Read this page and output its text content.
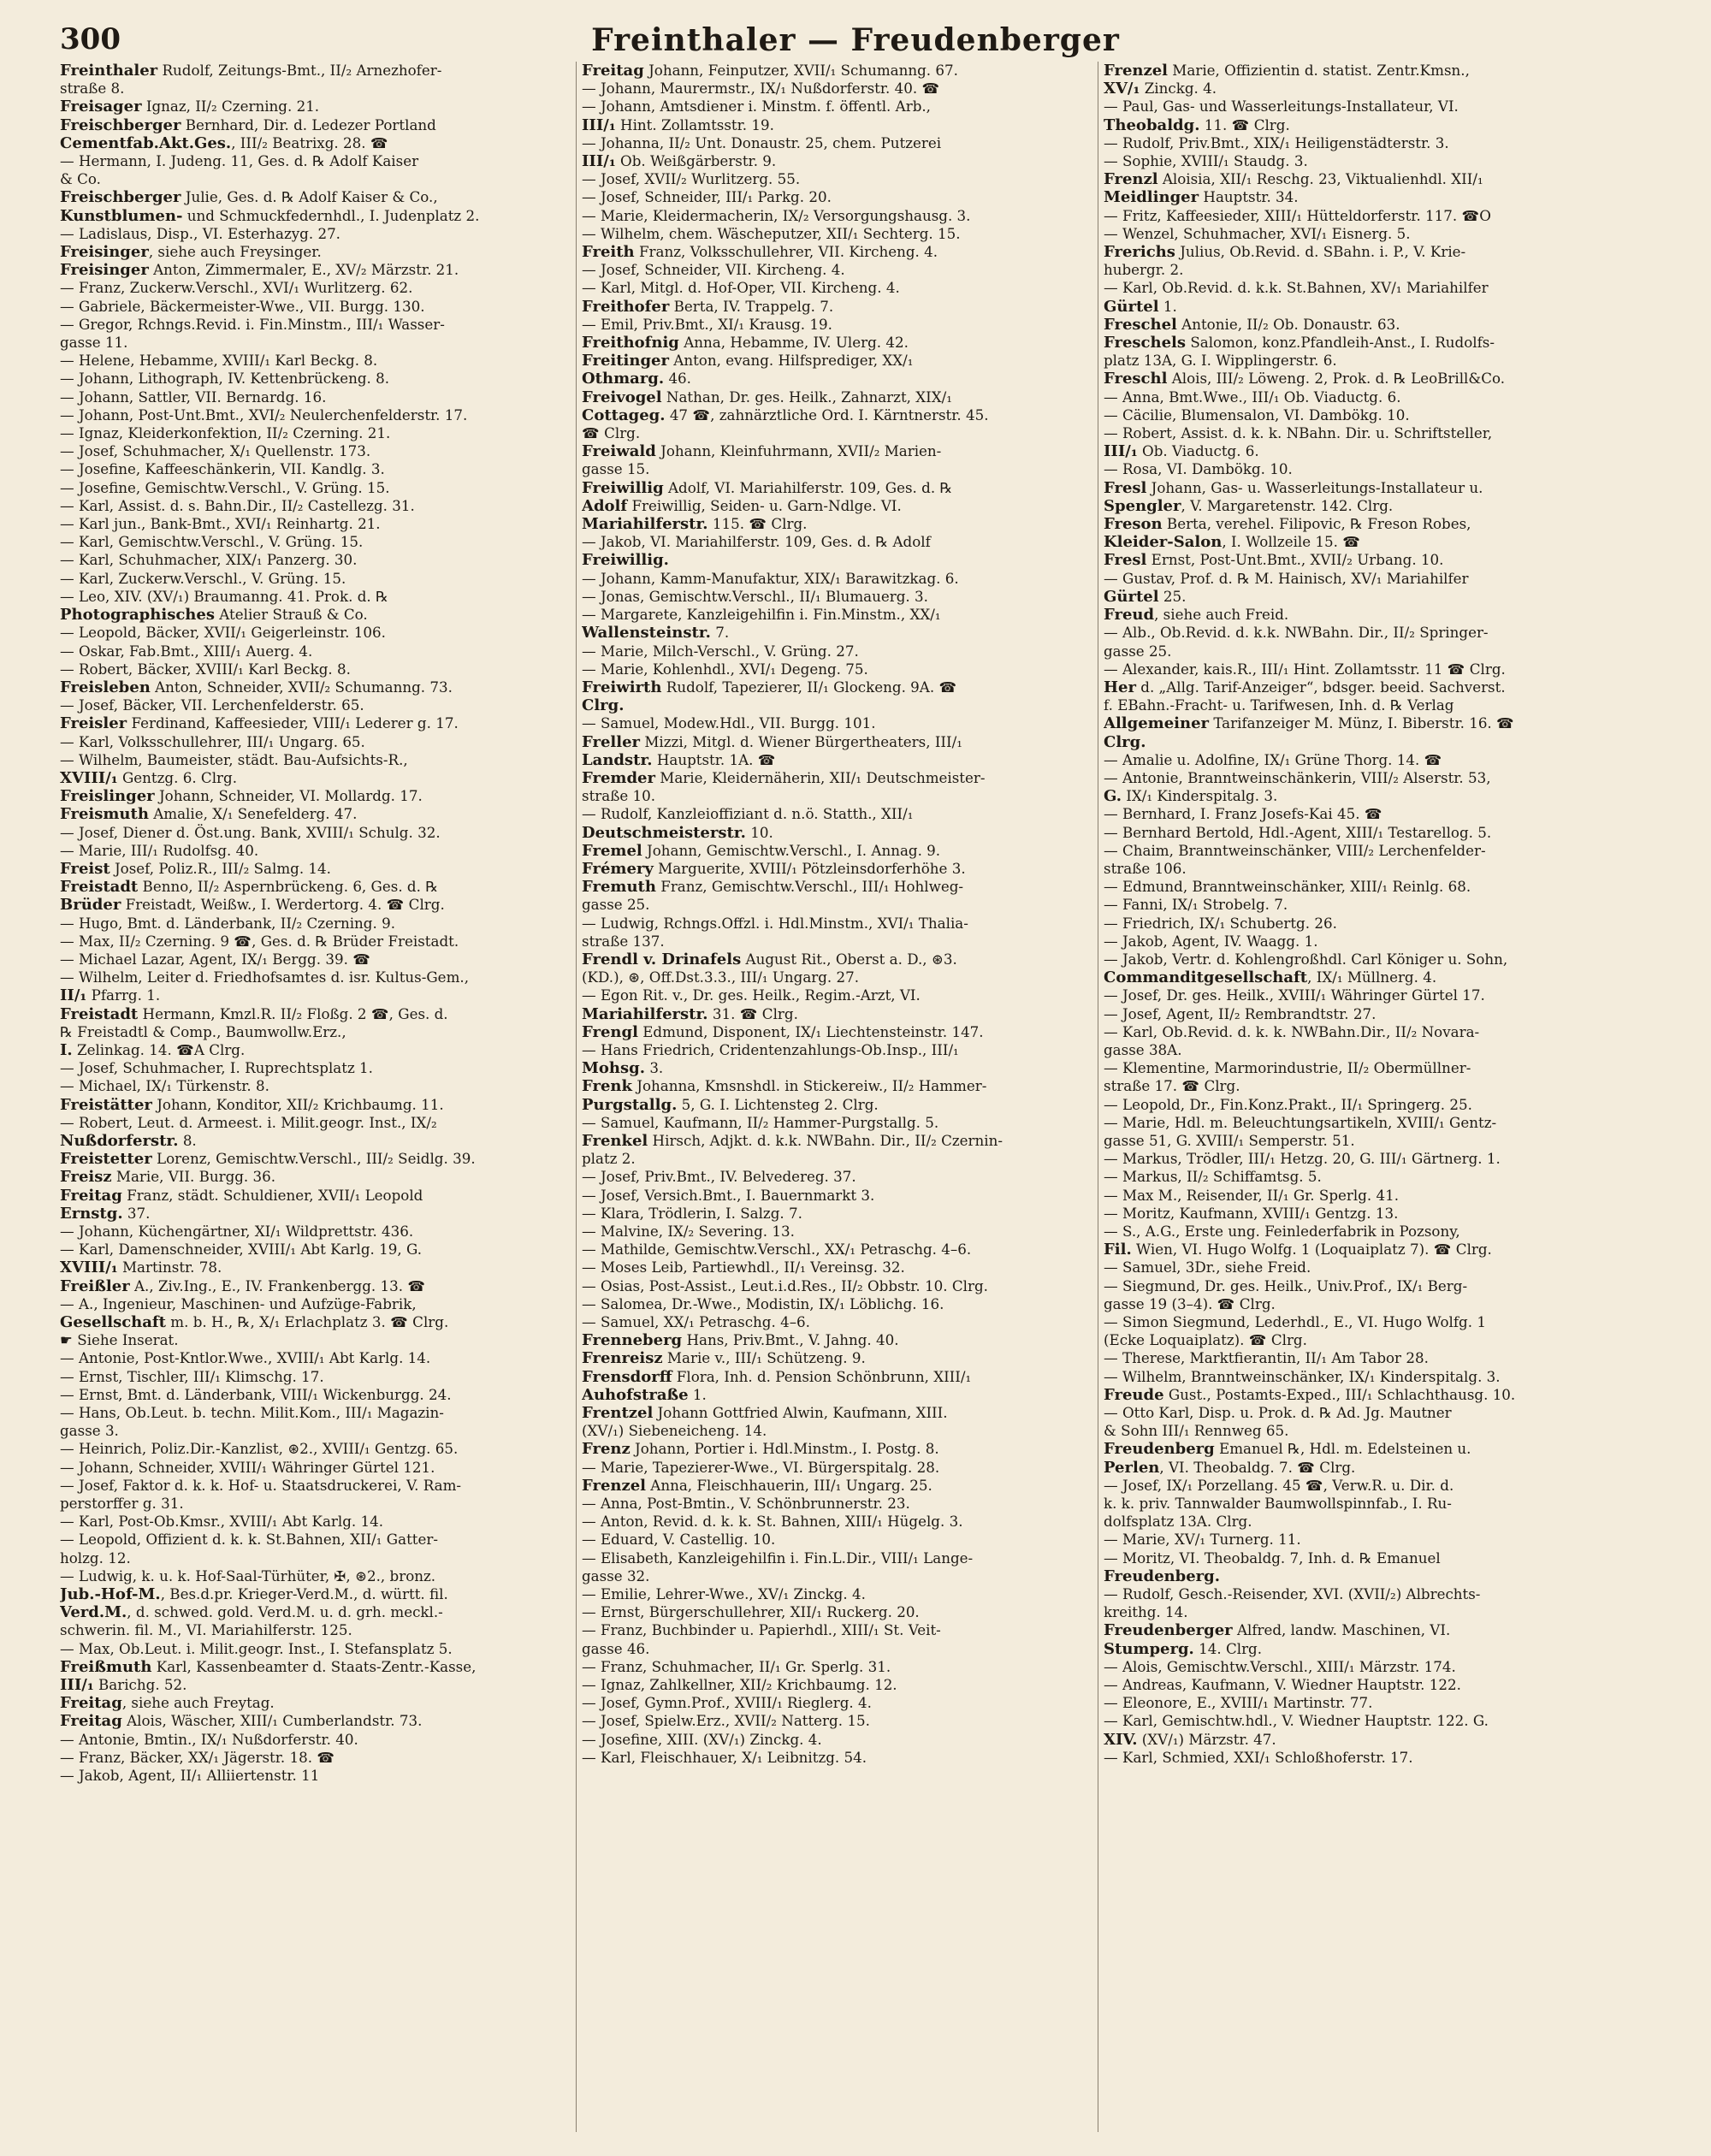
300	Freinthaler — Freudenberger
Freinthaler Rudolf, Zeitungs-Bmt., II/₂ Arnezhofer-
straße 8.
Freisager Ignaz, II/₂ Czerning. 21.
Freischberger Bernhard, Dir. d. Ledezer Portland
Cementfab.Akt.Ges., III/₂ Beatrixg. 28. ☎
— Hermann, I. Judeng. 11, Ges. d. ℞ Adolf Kaiser
& Co.
Freischberger Julie, Ges. d. ℞ Adolf Kaiser & Co.,
Kunstblumen- und Schmuckfedernhdl., I. Judenplatz 2.
— Ladislaus, Disp., VI. Esterhazyg. 27.
Freisinger, siehe auch Freysinger.
Freisinger Anton, Zimmermaler, E., XV/₂ Märzstr. 21.
— Franz, Zuckerw.Verschl., XVI/₁ Wurlitzerg. 62.
— Gabriele, Bäckermeister-Wwe., VII. Burgg. 130.
— Gregor, Rchngs.Revid. i. Fin.Minstm., III/₁ Wasser-
gasse 11.
— Helene, Hebamme, XVIII/₁ Karl Beckg. 8.
— Johann, Lithograph, IV. Kettenbrückeng. 8.
— Johann, Sattler, VII. Bernardg. 16.
— Johann, Post-Unt.Bmt., XVI/₂ Neulerchenfelderstr. 17.
— Ignaz, Kleiderkonfektion, II/₂ Czerning. 21.
— Josef, Schuhmacher, X/₁ Quellenstr. 173.
— Josefine, Kaffeeschänkerin, VII. Kandlg. 3.
— Josefine, Gemischtw.Verschl., V. Grüng. 15.
— Karl, Assist. d. s. Bahn.Dir., II/₂ Castellezg. 31.
— Karl jun., Bank-Bmt., XVI/₁ Reinhartg. 21.
— Karl, Gemischtw.Verschl., V. Grüng. 15.
— Karl, Schuhmacher, XIX/₁ Panzerg. 30.
— Karl, Zuckerw.Verschl., V. Grüng. 15.
— Leo, XIV. (XV/₁) Braumanng. 41. Prok. d. ℞
Photographisches Atelier Strauß & Co.
— Leopold, Bäcker, XVII/₁ Geigerleinstr. 106.
— Oskar, Fab.Bmt., XIII/₁ Auerg. 4.
— Robert, Bäcker, XVIII/₁ Karl Beckg. 8.
Freisleben Anton, Schneider, XVII/₂ Schumanng. 73.
— Josef, Bäcker, VII. Lerchenfelderstr. 65.
Freisler Ferdinand, Kaffeesieder, VIII/₁ Lederer g. 17.
— Karl, Volksschullehrer, III/₁ Ungarg. 65.
— Wilhelm, Baumeister, städt. Bau-Aufsichts-R.,
XVIII/₁ Gentzg. 6. Clrg.
Freislinger Johann, Schneider, VI. Mollardg. 17.
Freismuth Amalie, X/₁ Senefelderg. 47.
— Josef, Diener d. Öst.ung. Bank, XVIII/₁ Schulg. 32.
— Marie, III/₁ Rudolfsg. 40.
Freist Josef, Poliz.R., III/₂ Salmg. 14.
Freistadt Benno, II/₂ Aspernbrückeng. 6, Ges. d. ℞
Brüder Freistadt, Weißw., I. Werdertorg. 4. ☎ Clrg.
— Hugo, Bmt. d. Länderbank, II/₂ Czerning. 9.
— Max, II/₂ Czerning. 9 ☎, Ges. d. ℞ Brüder Freistadt.
— Michael Lazar, Agent, IX/₁ Bergg. 39. ☎
— Wilhelm, Leiter d. Friedhofsamtes d. isr. Kultus-Gem.,
II/₁ Pfarrg. 1.
Freistadt Hermann, Kmzl.R. II/₂ Floßg. 2 ☎, Ges. d.
℞ Freistadtl & Comp., Baumwollw.Erz.,
I. Zelinkag. 14. ☎A Clrg.
— Josef, Schuhmacher, I. Ruprechtsplatz 1.
— Michael, IX/₁ Türkenstr. 8.
Freistätter Johann, Konditor, XII/₂ Krichbaumg. 11.
— Robert, Leut. d. Armeest. i. Milit.geogr. Inst., IX/₂
Nußdorferstr. 8.
Freistetter Lorenz, Gemischtw.Verschl., III/₂ Seidlg. 39.
Freisz Marie, VII. Burgg. 36.
Freitag Franz, städt. Schuldiener, XVII/₁ Leopold
Ernstg. 37.
— Johann, Küchengärtner, XI/₁ Wildprettstr. 436.
— Karl, Damenschneider, XVIII/₁ Abt Karlg. 19, G.
XVIII/₁ Martinstr. 78.
Freißler A., Ziv.Ing., E., IV. Frankenbergg. 13. ☎
— A., Ingenieur, Maschinen- und Aufzüge-Fabrik,
Gesellschaft m. b. H., ℞, X/₁ Erlachplatz 3. ☎ Clrg.
☛ Siehe Inserat.
— Antonie, Post-Kntlor.Wwe., XVIII/₁ Abt Karlg. 14.
— Ernst, Tischler, III/₁ Klimschg. 17.
— Ernst, Bmt. d. Länderbank, VIII/₁ Wickenburgg. 24.
— Hans, Ob.Leut. b. techn. Milit.Kom., III/₁ Magazin-
gasse 3.
— Heinrich, Poliz.Dir.-Kanzlist, ⊛2., XVIII/₁ Gentzg. 65.
— Johann, Schneider, XVIII/₁ Währinger Gürtel 121.
— Josef, Faktor d. k. k. Hof- u. Staatsdruckerei, V. Ram-
perstorffer g. 31.
— Karl, Post-Ob.Kmsr., XVIII/₁ Abt Karlg. 14.
— Leopold, Offizient d. k. k. St.Bahnen, XII/₁ Gatter-
holzg. 12.
— Ludwig, k. u. k. Hof-Saal-Türhüter, ✠, ⊛2., bronz.
Jub.-Hof-M., Bes.d.pr. Krieger-Verd.M., d. württ. fil.
Verd.M., d. schwed. gold. Verd.M. u. d. grh. meckl.-
schwerin. fil. M., VI. Mariahilferstr. 125.
— Max, Ob.Leut. i. Milit.geogr. Inst., I. Stefansplatz 5.
Freißmuth Karl, Kassenbeamter d. Staats-Zentr.-Kasse,
III/₁ Barichg. 52.
Freitag, siehe auch Freytag.
Freitag Alois, Wäscher, XIII/₁ Cumberlandstr. 73.
— Antonie, Bmtin., IX/₁ Nußdorferstr. 40.
— Franz, Bäcker, XX/₁ Jägerstr. 18. ☎
— Jakob, Agent, II/₁ Alliiertenstr. 11
Freitag Johann, Feinputzer, XVII/₁ Schumanng. 67.
— Johann, Maurermstr., IX/₁ Nußdorferstr. 40. ☎
— Johann, Amtsdiener i. Minstm. f. öffentl. Arb.,
III/₁ Hint. Zollamtsstr. 19.
— Johanna, II/₂ Unt. Donaustr. 25, chem. Putzerei
III/₁ Ob. Weißgärberstr. 9.
— Josef, XVII/₂ Wurlitzerg. 55.
— Josef, Schneider, III/₁ Parkg. 20.
— Marie, Kleidermacherin, IX/₂ Versorgungshausg. 3.
— Wilhelm, chem. Wäscheputzer, XII/₁ Sechterg. 15.
Freith Franz, Volksschullehrer, VII. Kircheng. 4.
— Josef, Schneider, VII. Kircheng. 4.
— Karl, Mitgl. d. Hof-Oper, VII. Kircheng. 4.
Freithofer Berta, IV. Trappelg. 7.
— Emil, Priv.Bmt., XI/₁ Krausg. 19.
Freithofnig Anna, Hebamme, IV. Ulerg. 42.
Freitinger Anton, evang. Hilfsprediger, XX/₁
Othmarg. 46.
Freivogel Nathan, Dr. ges. Heilk., Zahnarzt, XIX/₁
Cottageg. 47 ☎, zahnärztliche Ord. I. Kärntnerstr. 45.
☎ Clrg.
Freiwald Johann, Kleinfuhrmann, XVII/₂ Marien-
gasse 15.
Freiwillig Adolf, VI. Mariahilferstr. 109, Ges. d. ℞
Adolf Freiwillig, Seiden- u. Garn-Ndlge. VI.
Mariahilferstr. 115. ☎ Clrg.
— Jakob, VI. Mariahilferstr. 109, Ges. d. ℞ Adolf
Freiwillig.
— Johann, Kamm-Manufaktur, XIX/₁ Barawitzkag. 6.
— Jonas, Gemischtw.Verschl., II/₁ Blumauerg. 3.
— Margarete, Kanzleigehilfin i. Fin.Minstm., XX/₁
Wallensteinstr. 7.
— Marie, Milch-Verschl., V. Grüng. 27.
— Marie, Kohlenhdl., XVI/₁ Degeng. 75.
Freiwirth Rudolf, Tapezierer, II/₁ Glockeng. 9A. ☎
Clrg.
— Samuel, Modew.Hdl., VII. Burgg. 101.
Freller Mizzi, Mitgl. d. Wiener Bürgertheaters, III/₁
Landstr. Hauptstr. 1A. ☎
Fremder Marie, Kleidernäherin, XII/₁ Deutschmeister-
straße 10.
— Rudolf, Kanzleioffiziant d. n.ö. Statth., XII/₁
Deutschmeisterstr. 10.
Fremel Johann, Gemischtw.Verschl., I. Annag. 9.
Frémery Marguerite, XVIII/₁ Pötzleinsdorferhöhe 3.
Fremuth Franz, Gemischtw.Verschl., III/₁ Hohlweg-
gasse 25.
— Ludwig, Rchngs.Offzl. i. Hdl.Minstm., XVI/₁ Thalia-
straße 137.
Frendl v. Drinafels August Rit., Oberst a. D., ⊛3.
(KD.), ⊛, Off.Dst.3.3., III/₁ Ungarg. 27.
— Egon Rit. v., Dr. ges. Heilk., Regim.-Arzt, VI.
Mariahilferstr. 31. ☎ Clrg.
Frengl Edmund, Disponent, IX/₁ Liechtensteinstr. 147.
— Hans Friedrich, Cridentenzahlungs-Ob.Insp., III/₁
Mohsg. 3.
Frenk Johanna, Kmsnshdl. in Stickereiw., II/₂ Hammer-
Purgstallg. 5, G. I. Lichtensteg 2. Clrg.
— Samuel, Kaufmann, II/₂ Hammer-Purgstallg. 5.
Frenkel Hirsch, Adjkt. d. k.k. NWBahn. Dir., II/₂ Czernin-
platz 2.
— Josef, Priv.Bmt., IV. Belvedereg. 37.
— Josef, Versich.Bmt., I. Bauernmarkt 3.
— Klara, Trödlerin, I. Salzg. 7.
— Malvine, IX/₂ Severing. 13.
— Mathilde, Gemischtw.Verschl., XX/₁ Petraschg. 4–6.
— Moses Leib, Partiewhdl., II/₁ Vereinsg. 32.
— Osias, Post-Assist., Leut.i.d.Res., II/₂ Obbstr. 10. Clrg.
— Salomea, Dr.-Wwe., Modistin, IX/₁ Löblichg. 16.
— Samuel, XX/₁ Petraschg. 4–6.
Frenneberg Hans, Priv.Bmt., V. Jahng. 40.
Frenreisz Marie v., III/₁ Schützeng. 9.
Frensdorff Flora, Inh. d. Pension Schönbrunn, XIII/₁
Auhofstraße 1.
Frentzel Johann Gottfried Alwin, Kaufmann, XIII.
(XV/₁) Siebeneicheng. 14.
Frenz Johann, Portier i. Hdl.Minstm., I. Postg. 8.
— Marie, Tapezierer-Wwe., VI. Bürgerspitalg. 28.
Frenzel Anna, Fleischhauerin, III/₁ Ungarg. 25.
— Anna, Post-Bmtin., V. Schönbrunnerstr. 23.
— Anton, Revid. d. k. k. St. Bahnen, XIII/₁ Hügelg. 3.
— Eduard, V. Castellig. 10.
— Elisabeth, Kanzleigehilfin i. Fin.L.Dir., VIII/₁ Lange-
gasse 32.
— Emilie, Lehrer-Wwe., XV/₁ Zinckg. 4.
— Ernst, Bürgerschullehrer, XII/₁ Ruckerg. 20.
— Franz, Buchbinder u. Papierhdl., XIII/₁ St. Veit-
gasse 46.
— Franz, Schuhmacher, II/₁ Gr. Sperlg. 31.
— Ignaz, Zahlkellner, XII/₂ Krichbaumg. 12.
— Josef, Gymn.Prof., XVIII/₁ Rieglerg. 4.
— Josef, Spielw.Erz., XVII/₂ Natterg. 15.
— Josefine, XIII. (XV/₁) Zinckg. 4.
— Karl, Fleischhauer, X/₁ Leibnitzg. 54.
Frenzel Marie, Offizientin d. statist. Zentr.Kmsn.,
XV/₁ Zinckg. 4.
— Paul, Gas- und Wasserleitungs-Installateur, VI.
Theobaldg. 11. ☎ Clrg.
— Rudolf, Priv.Bmt., XIX/₁ Heiligenstädterstr. 3.
— Sophie, XVIII/₁ Staudg. 3.
Frenzl Aloisia, XII/₁ Reschg. 23, Viktualienhdl. XII/₁
Meidlinger Hauptstr. 34.
— Fritz, Kaffeesieder, XIII/₁ Hütteldorferstr. 117. ☎O
— Wenzel, Schuhmacher, XVI/₁ Eisnerg. 5.
Frerichs Julius, Ob.Revid. d. SBahn. i. P., V. Krie-
hubergr. 2.
— Karl, Ob.Revid. d. k.k. St.Bahnen, XV/₁ Mariahilfer
Gürtel 1.
Freschel Antonie, II/₂ Ob. Donaustr. 63.
Freschels Salomon, konz.Pfandleih-Anst., I. Rudolfs-
platz 13A, G. I. Wipplingerstr. 6.
Freschl Alois, III/₂ Löweng. 2, Prok. d. ℞ LeoBrill&Co.
— Anna, Bmt.Wwe., III/₁ Ob. Viaductg. 6.
— Cäcilie, Blumensalon, VI. Dambökg. 10.
— Robert, Assist. d. k. k. NBahn. Dir. u. Schriftsteller,
III/₁ Ob. Viaductg. 6.
— Rosa, VI. Dambökg. 10.
Fresl Johann, Gas- u. Wasserleitungs-Installateur u.
Spengler, V. Margaretenstr. 142. Clrg.
Freson Berta, verehel. Filipovic, ℞ Freson Robes,
Kleider-Salon, I. Wollzeile 15. ☎
Fresl Ernst, Post-Unt.Bmt., XVII/₂ Urbang. 10.
— Gustav, Prof. d. ℞ M. Hainisch, XV/₁ Mariahilfer
Gürtel 25.
Freud, siehe auch Freid.
— Alb., Ob.Revid. d. k.k. NWBahn. Dir., II/₂ Springer-
gasse 25.
— Alexander, kais.R., III/₁ Hint. Zollamtsstr. 11 ☎ Clrg.
Her d. „Allg. Tarif-Anzeiger“, bdsger. beeid. Sachverst.
f. EBahn.-Fracht- u. Tarifwesen, Inh. d. ℞ Verlag
Allgemeiner Tarifanzeiger M. Münz, I. Biberstr. 16. ☎
Clrg.
— Amalie u. Adolfine, IX/₁ Grüne Thorg. 14. ☎
— Antonie, Branntweinschänkerin, VIII/₂ Alserstr. 53,
G. IX/₁ Kinderspitalg. 3.
— Bernhard, I. Franz Josefs-Kai 45. ☎
— Bernhard Bertold, Hdl.-Agent, XIII/₁ Testarellog. 5.
— Chaim, Branntweinschänker, VIII/₂ Lerchenfelder-
straße 106.
— Edmund, Branntweinschänker, XIII/₁ Reinlg. 68.
— Fanni, IX/₁ Strobelg. 7.
— Friedrich, IX/₁ Schubertg. 26.
— Jakob, Agent, IV. Waagg. 1.
— Jakob, Vertr. d. Kohlengroßhdl. Carl Königer u. Sohn,
Commanditgesellschaft, IX/₁ Müllnerg. 4.
— Josef, Dr. ges. Heilk., XVIII/₁ Währinger Gürtel 17.
— Josef, Agent, II/₂ Rembrandtstr. 27.
— Karl, Ob.Revid. d. k. k. NWBahn.Dir., II/₂ Novara-
gasse 38A.
— Klementine, Marmorindustrie, II/₂ Obermüllner-
straße 17. ☎ Clrg.
— Leopold, Dr., Fin.Konz.Prakt., II/₁ Springerg. 25.
— Marie, Hdl. m. Beleuchtungsartikeln, XVIII/₁ Gentz-
gasse 51, G. XVIII/₁ Semperstr. 51.
— Markus, Trödler, III/₁ Hetzg. 20, G. III/₁ Gärtnerg. 1.
— Markus, II/₂ Schiffamtsg. 5.
— Max M., Reisender, II/₁ Gr. Sperlg. 41.
— Moritz, Kaufmann, XVIII/₁ Gentzg. 13.
— S., A.G., Erste ung. Feinlederfabrik in Pozsony,
Fil. Wien, VI. Hugo Wolfg. 1 (Loquaiplatz 7). ☎ Clrg.
— Samuel, 3Dr., siehe Freid.
— Siegmund, Dr. ges. Heilk., Univ.Prof., IX/₁ Berg-
gasse 19 (3–4). ☎ Clrg.
— Simon Siegmund, Lederhdl., E., VI. Hugo Wolfg. 1
(Ecke Loquaiplatz). ☎ Clrg.
— Therese, Marktfierantin, II/₁ Am Tabor 28.
— Wilhelm, Branntweinschänker, IX/₁ Kinderspitalg. 3.
Freude Gust., Postamts-Exped., III/₁ Schlachthausg. 10.
— Otto Karl, Disp. u. Prok. d. ℞ Ad. Jg. Mautner
& Sohn III/₁ Rennweg 65.
Freudenberg Emanuel ℞, Hdl. m. Edelsteinen u.
Perlen, VI. Theobaldg. 7. ☎ Clrg.
— Josef, IX/₁ Porzellang. 45 ☎, Verw.R. u. Dir. d.
k. k. priv. Tannwalder Baumwollspinnfab., I. Ru-
dolfsplatz 13A. Clrg.
— Marie, XV/₁ Turnerg. 11.
— Moritz, VI. Theobaldg. 7, Inh. d. ℞ Emanuel
Freudenberg.
— Rudolf, Gesch.-Reisender, XVI. (XVII/₂) Albrechts-
kreithg. 14.
Freudenberger Alfred, landw. Maschinen, VI.
Stumperg. 14. Clrg.
— Alois, Gemischtw.Verschl., XIII/₁ Märzstr. 174.
— Andreas, Kaufmann, V. Wiedner Hauptstr. 122.
— Eleonore, E., XVIII/₁ Martinstr. 77.
— Karl, Gemischtw.hdl., V. Wiedner Hauptstr. 122. G.
XIV. (XV/₁) Märzstr. 47.
— Karl, Schmied, XXI/₁ Schloßhoferstr. 17.
